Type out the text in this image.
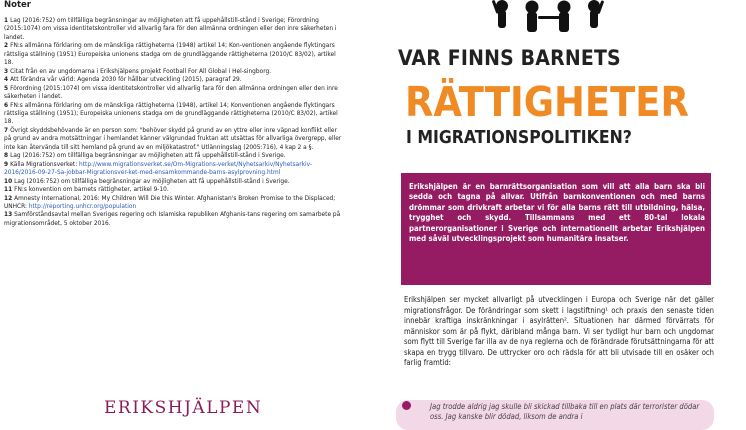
Noter

1 Lag (2016:752) om tillfälliga begränsningar av möjligheten att få uppehållstill-stånd i Sverige; Förordning (2015:1074) om vissa identitetskontroller vid allvarlig fara för den allmänna ordningen eller den inre säkerheten i landet.

2 FN:s allmänna förklaring om de mänskliga rättigheterna (1948) artikel 14; Kon-ventionen angående flyktingars rättsliga ställning (1951) Europeiska unionens stadga om de grundläggande rättigheterna (2010/C 83/02), artikel 18.

3 Citat från en av ungdomarna i Erikshjälpens projekt Football For All Global i Hel-singborg.

4 Att förändra vår värld: Agenda 2030 för hållbar utveckling (2015), paragraf 29.

5 Förordning (2015:1074) om vissa identitetskontroller vid allvarlig fara för den allmänna ordningen eller den inre säkerheten i landet.

6 FN:s allmänna förklaring om de mänskliga rättigheterna (1948), artikel 14; Konventionen angående flyktingars rättsliga ställning (1951); Europeiska unionens stadga om de grundläggande rättigheterna (2010/C 83/02), artikel 18.

7 Övrigt skyddsbehövande är en person som: "behöver skydd på grund av en yttre eller inre väpnad konflikt eller på grund av andra motsättningar i hemlandet känner välgrundad fruktan att utsättas för allvarliga övergrepp, eller inte kan återvända till sitt hemland på grund av en miljökatastrof." Utlänningslag (2005:716), 4 kap 2 a §.

8 Lag (2016:752) om tillfälliga begränsningar av möjligheten att få uppehållstill-stånd i Sverige.

9 Källa Migrationsverket: http://www.migrationsverket.se/Om-Migrations-verket/Nyhetsarkiv/Nyhetsarkiv-2016/2016-09-27-Sa-jobbar-Migrationsver-ket-med-ensamkommande-barns-asylprovning.html

10 Lag (2016:752) om tillfälliga begränsningar av möjligheten att få uppehållstill-stånd i Sverige.

11 FN:s konvention om barnets rättigheter, artikel 9-10.

12 Amnesty International, 2016: My Children Will Die this Winter. Afghanistan's Broken Promise to the Displaced; UNHCR: http://reporting.unhcr.org/population

13 Samförståndsavtal mellan Sveriges regering och Islamiska republiken Afghanis-tans regering om samarbete på migrationsområdet, 5 oktober 2016.

ERIKSHJÄLPEN
VAR FINNS BARNETS
RÄTTIGHETER
I MIGRATIONSPOLITIKEN?

Erikshjälpen är en barnrättsorganisation som vill att alla barn ska bli sedda och tagna på allvar. Utifrån barnkonventionen och med barns drömmar som drivkraft arbetar vi för alla barns rätt till utbildning, hälsa, trygghet och skydd. Tillsammans med ett 80-tal lokala partnerorganisationer i Sverige och internationellt arbetar Erikshjälpen med såväl utvecklingsprojekt som humanitära insatser.

Erikshjälpen ser mycket allvarligt på utvecklingen i Europa och Sverige när det gäller migrationsfrågor. De förändringar som skett i lagstiftning¹ och praxis den senaste tiden innebär kraftiga inskränkningar i asylrätten². Situationen har därmed förvärrats för människor som är på flykt, däribland många barn. Vi ser tydligt hur barn och ungdomar som flytt till Sverige far illa av de nya reglerna och de förändrade förutsättningarna för att skapa en trygg tillvaro. De uttrycker oro och rädsla för att bli utvisade till en osäker och farlig framtid:

Jag trodde aldrig jag skulle bli skickad tillbaka till en plats där terrorister dödar oss. Jag kanske blir dödad, liksom de andra i
